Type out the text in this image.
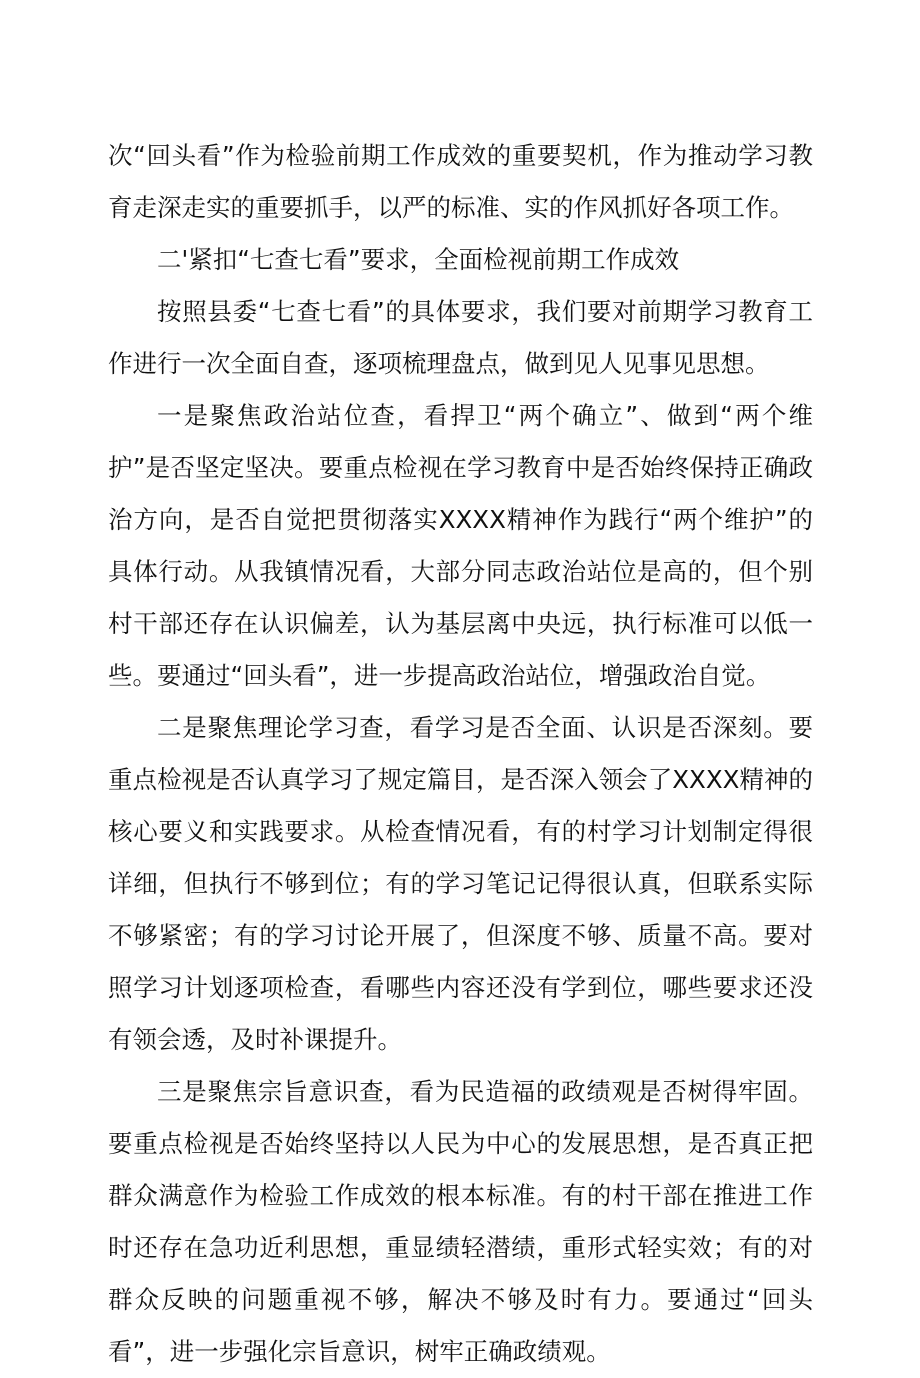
次“回头看”作为检验前期工作成效的重要契机，作为推动学习教育走深走实的重要抓手，以严的标准、实的作风抓好各项工作。

二'紧扣“七查七看”要求，全面检视前期工作成效

按照县委“七查七看”的具体要求，我们要对前期学习教育工作进行一次全面自查，逐项梳理盘点，做到见人见事见思想。

一是聚焦政治站位查，看捍卫“两个确立”、做到“两个维护”是否坚定坚决。要重点检视在学习教育中是否始终保持正确政治方向，是否自觉把贯彻落实XXXX精神作为践行“两个维护”的具体行动。从我镇情况看，大部分同志政治站位是高的，但个别村干部还存在认识偏差，认为基层离中央远，执行标准可以低一些。要通过“回头看”，进一步提高政治站位，增强政治自觉。

二是聚焦理论学习查，看学习是否全面、认识是否深刻。要重点检视是否认真学习了规定篇目，是否深入领会了XXXX精神的核心要义和实践要求。从检查情况看，有的村学习计划制定得很详细，但执行不够到位；有的学习笔记记得很认真，但联系实际不够紧密；有的学习讨论开展了，但深度不够、质量不高。要对照学习计划逐项检查，看哪些内容还没有学到位，哪些要求还没有领会透，及时补课提升。

三是聚焦宗旨意识查，看为民造福的政绩观是否树得牢固。要重点检视是否始终坚持以人民为中心的发展思想，是否真正把群众满意作为检验工作成效的根本标准。有的村干部在推进工作时还存在急功近利思想，重显绩轻潜绩，重形式轻实效；有的对群众反映的问题重视不够，解决不够及时有力。要通过“回头看”，进一步强化宗旨意识，树牢正确政绩观。
